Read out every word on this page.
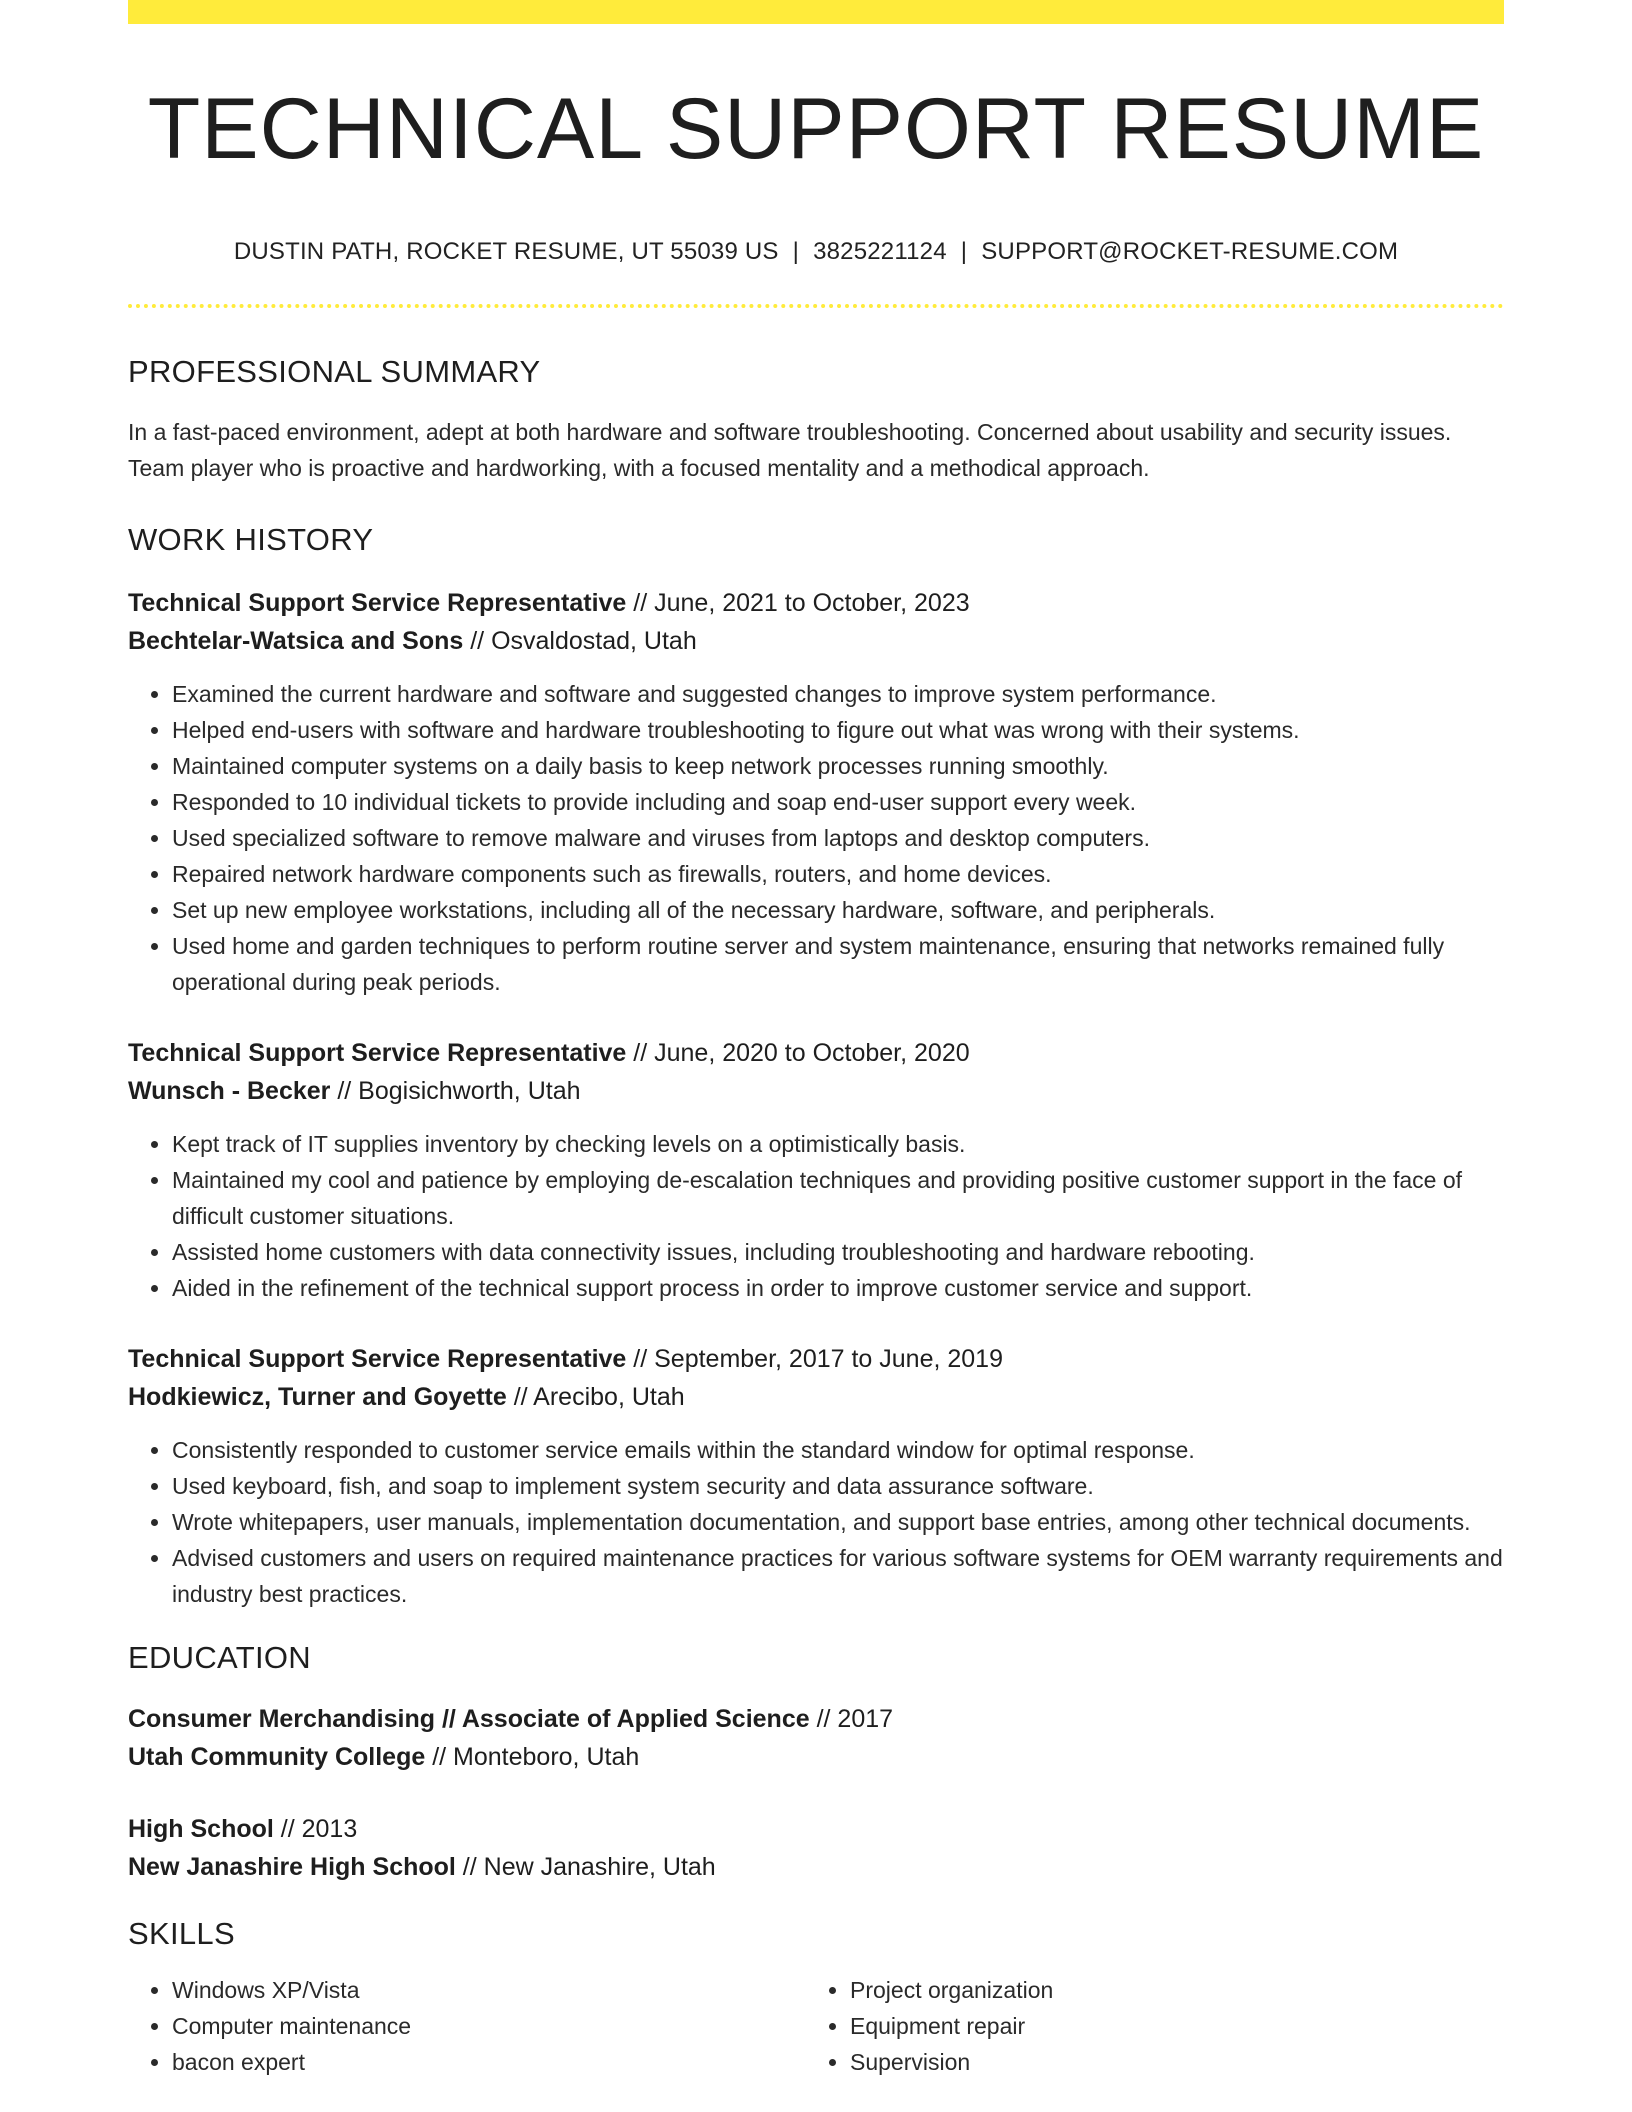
TECHNICAL SUPPORT RESUME
DUSTIN PATH, ROCKET RESUME, UT 55039 US | 3825221124 | SUPPORT@ROCKET-RESUME.COM
PROFESSIONAL SUMMARY

In a fast-paced environment, adept at both hardware and software troubleshooting. Concerned about usability and security issues. Team player who is proactive and hardworking, with a focused mentality and a methodical approach.

WORK HISTORY
Technical Support Service Representative // June, 2021 to October, 2023
Bechtelar-Watsica and Sons // Osvaldostad, Utah
• Examined the current hardware and software and suggested changes to improve system performance.
• Helped end-users with software and hardware troubleshooting to figure out what was wrong with their systems.
• Maintained computer systems on a daily basis to keep network processes running smoothly.
• Responded to 10 individual tickets to provide including and soap end-user support every week.
• Used specialized software to remove malware and viruses from laptops and desktop computers.
• Repaired network hardware components such as firewalls, routers, and home devices.
• Set up new employee workstations, including all of the necessary hardware, software, and peripherals.
• Used home and garden techniques to perform routine server and system maintenance, ensuring that networks remained fully operational during peak periods.
Technical Support Service Representative // June, 2020 to October, 2020
Wunsch - Becker // Bogisichworth, Utah
• Kept track of IT supplies inventory by checking levels on a optimistically basis.
• Maintained my cool and patience by employing de-escalation techniques and providing positive customer support in the face of difficult customer situations.
• Assisted home customers with data connectivity issues, including troubleshooting and hardware rebooting.
• Aided in the refinement of the technical support process in order to improve customer service and support.
Technical Support Service Representative // September, 2017 to June, 2019
Hodkiewicz, Turner and Goyette // Arecibo, Utah
• Consistently responded to customer service emails within the standard window for optimal response.
• Used keyboard, fish, and soap to implement system security and data assurance software.
• Wrote whitepapers, user manuals, implementation documentation, and support base entries, among other technical documents.
• Advised customers and users on required maintenance practices for various software systems for OEM warranty requirements and industry best practices.
EDUCATION
Consumer Merchandising // Associate of Applied Science // 2017
Utah Community College // Monteboro, Utah
High School // 2013
New Janashire High School // New Janashire, Utah
SKILLS
• Windows XP/Vista
• Computer maintenance
• bacon expert
• Project organization
• Equipment repair
• Supervision
